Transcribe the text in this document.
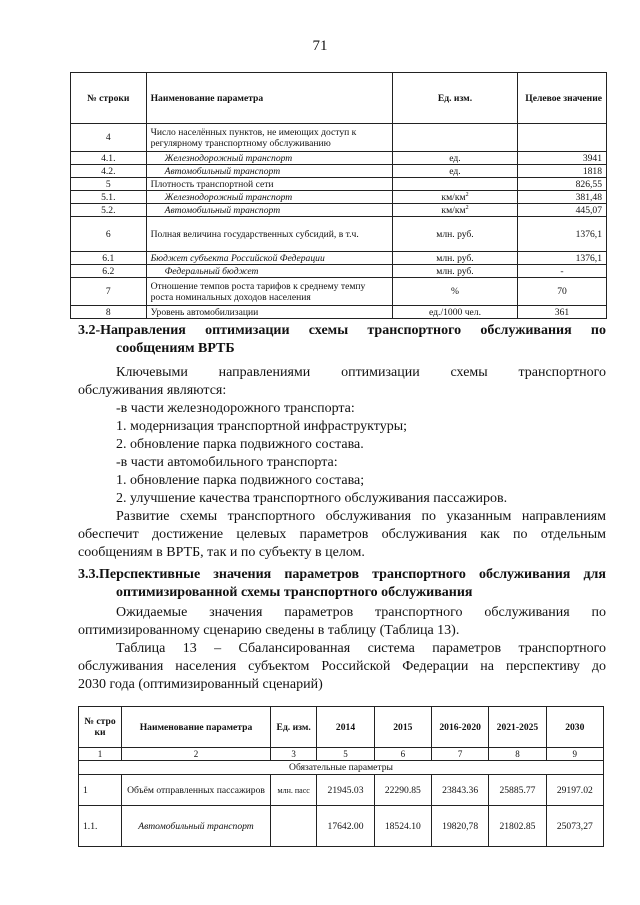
71
№ строки	Наименование параметра	Ед. изм.	Целевое значение
4	Число населённых пунктов, не имеющих доступ к регулярному транспортному обслуживанию		
4.1.	Железнодорожный транспорт	ед.	3941
4.2.	Автомобильный транспорт	ед.	1818
5	Плотность транспортной сети		826,55
5.1.	Железнодорожный транспорт	$км/км^2$	381,48
5.2.	Автомобильный транспорт	$км/км^2$	445,07
6	Полная величина государственных субсидий, в т.ч.	млн. руб.	1376,1
6.1	Бюджет субъекта Российской Федерации	млн. руб.	1376,1
6.2	Федеральный бюджет	млн. руб.	-
7	Отношение темпов роста тарифов к среднему темпу роста номинальных доходов населения	%	70
8	Уровень автомобилизации	ед./1000 чел.	361
3.2-Направления оптимизации схемы транспортного обслуживания по
сообщениям ВРТБ
Ключевыми направлениями оптимизации схемы транспортного
обслуживания являются:
-в части железнодорожного транспорта:
1. модернизация транспортной инфраструктуры;
2. обновление парка подвижного состава.
-в части автомобильного транспорта:
1. обновление парка подвижного состава;
2. улучшение качества транспортного обслуживания пассажиров.
Развитие схемы транспортного обслуживания по указанным направлениям
обеспечит достижение целевых параметров обслуживания как по отдельным
сообщениям в ВРТБ, так и по субъекту в целом.
3.3.Перспективные значения параметров транспортного обслуживания для
оптимизированной схемы транспортного обслуживания
Ожидаемые значения параметров транспортного обслуживания по
оптимизированному сценарию сведены в таблицу (Таблица 13).
Таблица 13 – Сбалансированная система параметров транспортного
обслуживания населения субъектом Российской Федерации на перспективу до
2030 года (оптимизированный сценарий)
№ стро ки	Наименование параметра	Ед. изм.	2014	2015	2016-2020	2021-2025	2030
1	2	3	5	6	7	8	9
Обязательные параметры							
1	Объём отправленных пассажиров	млн. пасс	21945.03	22290.85	23843.36	25885.77	29197.02
1.1.	Автомобильный транспорт		17642.00	18524.10	19820,78	21802.85	25073,27
